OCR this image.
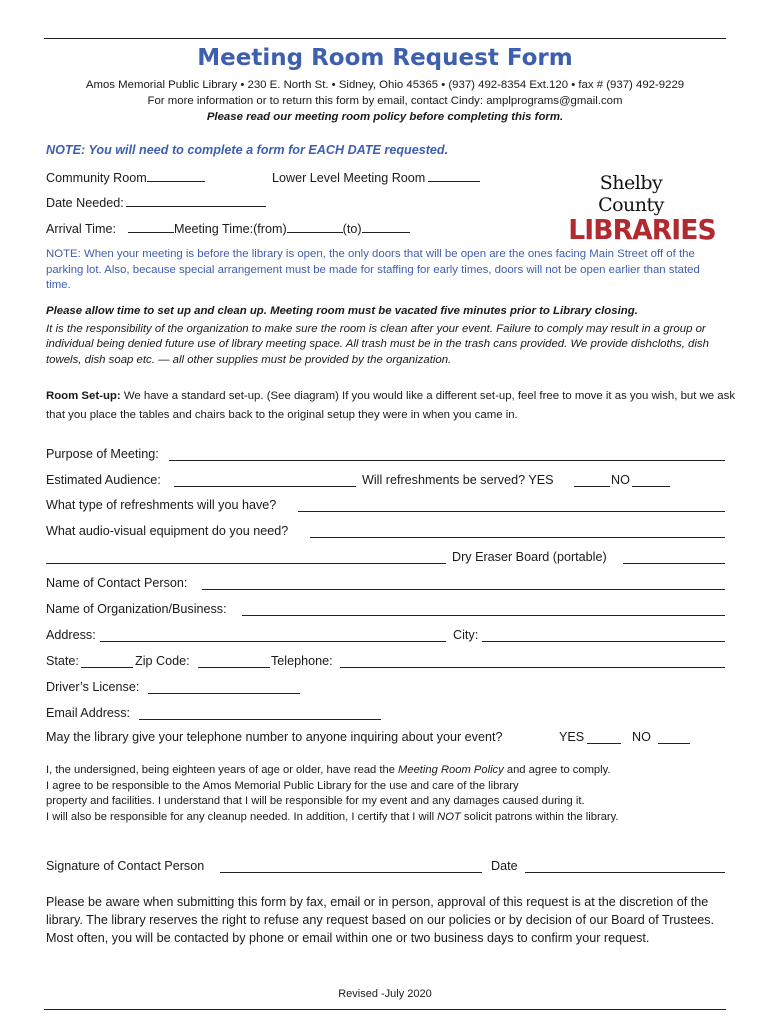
Meeting Room Request Form
Amos Memorial Public Library • 230 E. North St. • Sidney, Ohio 45365 • (937) 492-8354 Ext.120 • fax # (937) 492-9229
For more information or to return this form by email, contact Cindy: amplprograms@gmail.com
Please read our meeting room policy before completing this form.
NOTE: You will need to complete a form for EACH DATE requested.
Community Room	Lower Level Meeting Room
Date Needed:
Arrival Time:	Meeting Time:(from)	(to)
Shelby County
LIBRARIES
NOTE: When your meeting is before the library is open, the only doors that will be open are the ones facing Main Street off of the parking lot. Also, because special arrangement must be made for staffing for early times, doors will not be open earlier than stated time.
Please allow time to set up and clean up. Meeting room must be vacated five minutes prior to Library closing.
It is the responsibility of the organization to make sure the room is clean after your event. Failure to comply may result in a group or individual being denied future use of library meeting space. All trash must be in the trash cans provided. We provide dishcloths, dish towels, dish soap etc. — all other supplies must be provided by the organization.
Room Set-up: We have a standard set-up. (See diagram) If you would like a different set-up, feel free to move it as you wish, but we ask that you place the tables and chairs back to the original setup they were in when you came in.
Purpose of Meeting:
Estimated Audience:	Will refreshments be served? YES	NO
What type of refreshments will you have?
What audio-visual equipment do you need?
Dry Eraser Board (portable)
Name of Contact Person:
Name of Organization/Business:
Address:	City:
State:	Zip Code:	Telephone:
Driver’s License:
Email Address:
May the library give your telephone number to anyone inquiring about your event?	YES	NO
I, the undersigned, being eighteen years of age or older, have read the Meeting Room Policy and agree to comply.
I agree to be responsible to the Amos Memorial Public Library for the use and care of the library
property and facilities. I understand that I will be responsible for my event and any damages caused during it.
I will also be responsible for any cleanup needed. In addition, I certify that I will NOT solicit patrons within the library.
Signature of Contact Person	Date
Please be aware when submitting this form by fax, email or in person, approval of this request is at the discretion of the library. The library reserves the right to refuse any request based on our policies or by decision of our Board of Trustees. Most often, you will be contacted by phone or email within one or two business days to confirm your request.
Revised -July 2020
